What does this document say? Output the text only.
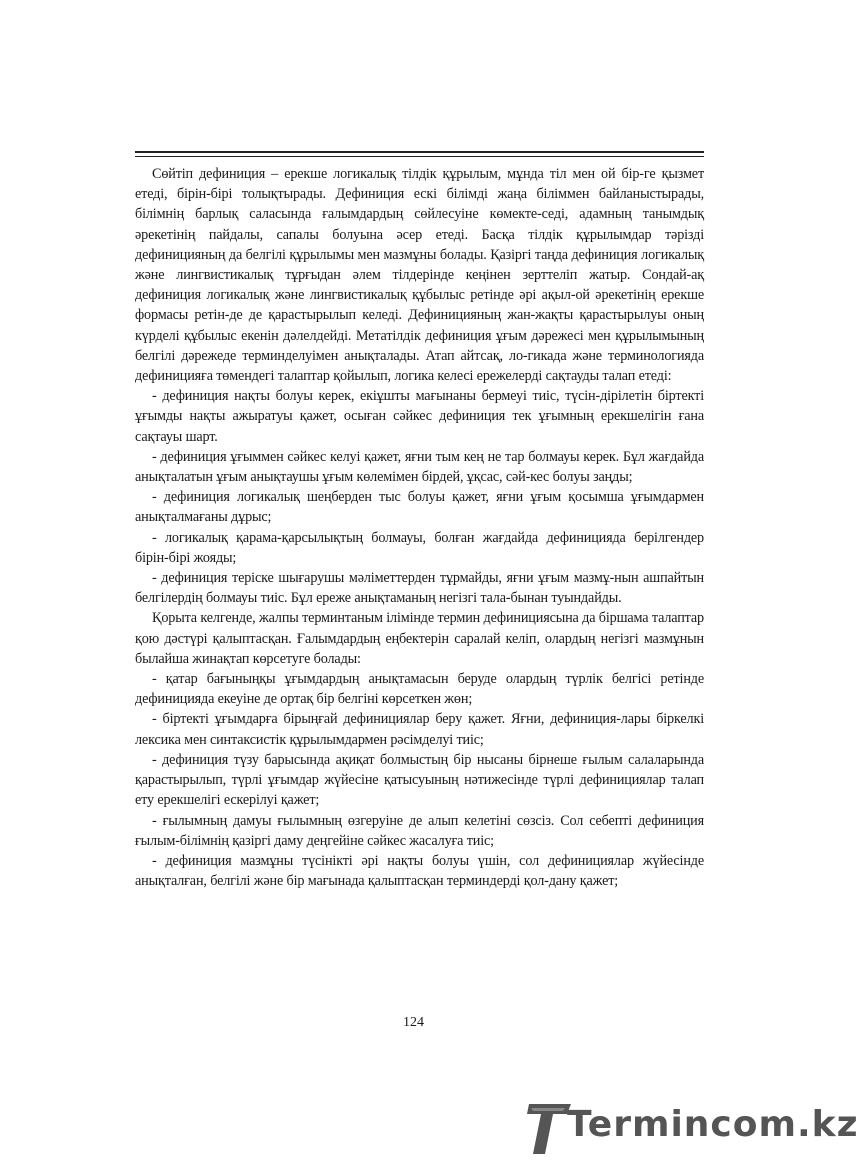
Сөйтіп дефиниция – ерекше логикалық тілдік құрылым, мұнда тіл мен ой бір-ге қызмет етеді, бірін-бірі толықтырады. Дефиниция ескі білімді жаңа біліммен байланыстырады, білімнің барлық саласында ғалымдардың сөйлесуіне көмекте-седі, адамның танымдық әрекетінің пайдалы, сапалы болуына әсер етеді. Басқа тілдік құрылымдар тәрізді дефиницияның да белгілі құрылымы мен мазмұны болады. Қазіргі таңда дефиниция логикалық және лингвистикалық тұрғыдан әлем тілдерінде кеңінен зерттеліп жатыр. Сондай-ақ дефиниция логикалық және лингвистикалық құбылыс ретінде әрі ақыл-ой әрекетінің ерекше формасы ретін-де де қарастырылып келеді. Дефиницияның жан-жақты қарастырылуы оның күрделі құбылыс екенін дәлелдейді. Метатілдік дефиниция ұғым дәрежесі мен құрылымының белгілі дәрежеде терминделуімен анықталады. Атап айтсақ, ло-гикада және терминологияда дефиницияға төмендегі талаптар қойылып, логика келесі ережелерді сақтауды талап етеді:

- дефиниция нақты болуы керек, екіұшты мағынаны бермеуі тиіс, түсін-дірілетін біртекті ұғымды нақты ажыратуы қажет, осыған сәйкес дефиниция тек ұғымның ерекшелігін ғана сақтауы шарт.

- дефиниция ұғыммен сәйкес келуі қажет, яғни тым кең не тар болмауы керек. Бұл жағдайда анықталатын ұғым анықтаушы ұғым көлемімен бірдей, ұқсас, сәй-кес болуы заңды;

- дефиниция логикалық шеңберден тыс болуы қажет, яғни ұғым қосымша ұғымдармен анықталмағаны дұрыс;

- логикалық қарама-қарсылықтың болмауы, болған жағдайда дефиницияда берілгендер бірін-бірі жояды;

- дефиниция теріске шығарушы мәліметтерден тұрмайды, яғни ұғым мазмұ-нын ашпайтын белгілердің болмауы тиіс. Бұл ереже анықтаманың негізгі тала-бынан туындайды.

Қорыта келгенде, жалпы терминтаным ілімінде термин дефинициясына да біршама талаптар қою дәстүрі қалыптасқан. Ғалымдардың еңбектерін саралай келіп, олардың негізгі мазмұнын былайша жинақтап көрсетуге болады:

- қатар бағыныңқы ұғымдардың анықтамасын беруде олардың түрлік белгісі ретінде дефиницияда екеуіне де ортақ бір белгіні көрсеткен жөн;

- біртекті ұғымдарға бірыңғай дефинициялар беру қажет. Яғни, дефиниция-лары біркелкі лексика мен синтаксистік құрылымдармен рәсімделуі тиіс;

- дефиниция түзу барысында ақиқат болмыстың бір нысаны бірнеше ғылым салаларында қарастырылып, түрлі ұғымдар жүйесіне қатысуының нәтижесінде түрлі дефинициялар талап ету ерекшелігі ескерілуі қажет;

- ғылымның дамуы ғылымның өзгеруіне де алып келетіні сөзсіз. Сол себепті дефиниция ғылым-білімнің қазіргі даму деңгейіне сәйкес жасалуға тиіс;

- дефиниция мазмұны түсінікті әрі нақты болуы үшін, сол дефинициялар жүйесінде анықталған, белгілі және бір мағынада қалыптасқан терминдерді қол-дану қажет;

124
Termincom.kz
